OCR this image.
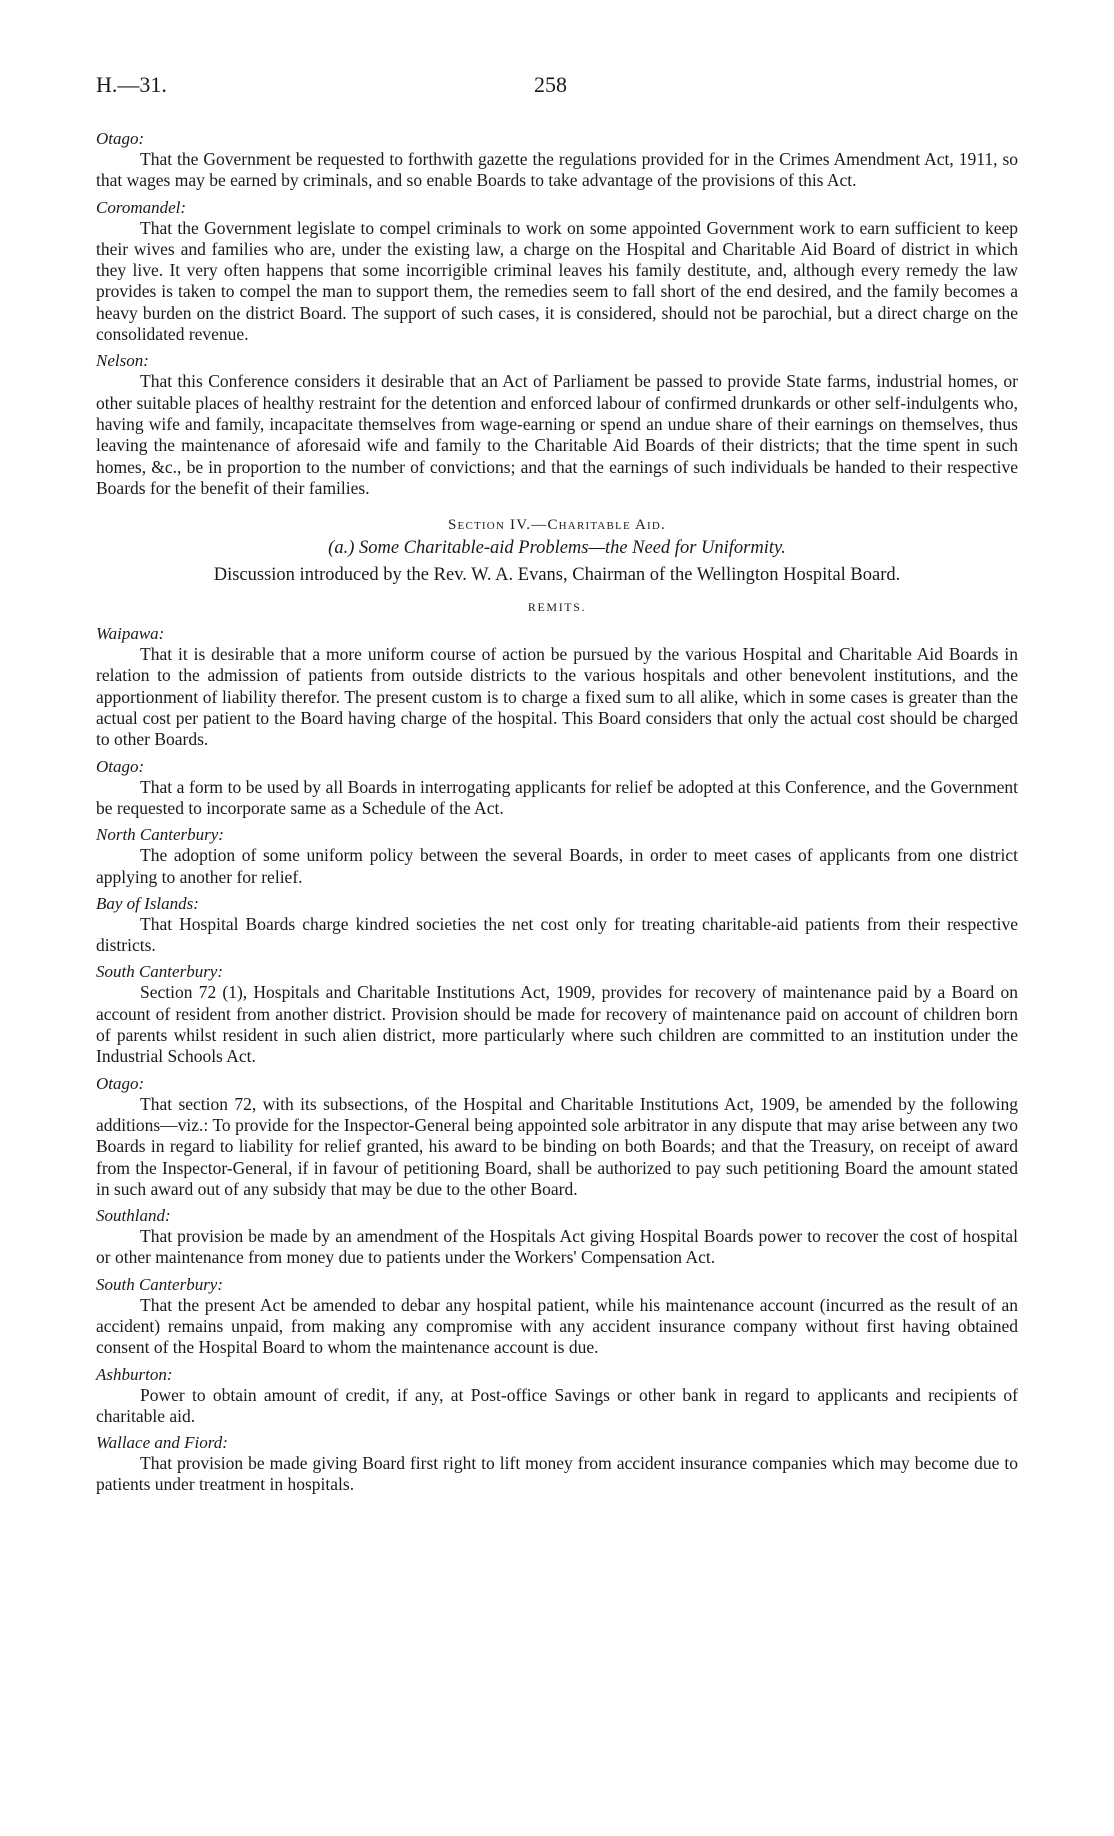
H.—31.	258

Otago:

That the Government be requested to forthwith gazette the regulations provided for in the Crimes Amendment Act, 1911, so that wages may be earned by criminals, and so enable Boards to take advantage of the provisions of this Act.

Coromandel:

That the Government legislate to compel criminals to work on some appointed Government work to earn sufficient to keep their wives and families who are, under the existing law, a charge on the Hospital and Charitable Aid Board of district in which they live. It very often happens that some incorrigible criminal leaves his family destitute, and, although every remedy the law provides is taken to compel the man to support them, the remedies seem to fall short of the end desired, and the family becomes a heavy burden on the district Board. The support of such cases, it is considered, should not be parochial, but a direct charge on the consolidated revenue.

Nelson:

That this Conference considers it desirable that an Act of Parliament be passed to provide State farms, industrial homes, or other suitable places of healthy restraint for the detention and enforced labour of confirmed drunkards or other self-indulgents who, having wife and family, incapacitate themselves from wage-earning or spend an undue share of their earnings on themselves, thus leaving the maintenance of aforesaid wife and family to the Charitable Aid Boards of their districts; that the time spent in such homes, &c., be in proportion to the number of convictions; and that the earnings of such individuals be handed to their respective Boards for the benefit of their families.

Section IV.—Charitable Aid.

(a.) Some Charitable-aid Problems—the Need for Uniformity.

Discussion introduced by the Rev. W. A. Evans, Chairman of the Wellington Hospital Board.

REMITS.

Waipawa:

That it is desirable that a more uniform course of action be pursued by the various Hospital and Charitable Aid Boards in relation to the admission of patients from outside districts to the various hospitals and other benevolent institutions, and the apportionment of liability therefor. The present custom is to charge a fixed sum to all alike, which in some cases is greater than the actual cost per patient to the Board having charge of the hospital. This Board considers that only the actual cost should be charged to other Boards.

Otago:

That a form to be used by all Boards in interrogating applicants for relief be adopted at this Conference, and the Government be requested to incorporate same as a Schedule of the Act.

North Canterbury:

The adoption of some uniform policy between the several Boards, in order to meet cases of applicants from one district applying to another for relief.

Bay of Islands:

That Hospital Boards charge kindred societies the net cost only for treating charitable-aid patients from their respective districts.

South Canterbury:

Section 72 (1), Hospitals and Charitable Institutions Act, 1909, provides for recovery of maintenance paid by a Board on account of resident from another district. Provision should be made for recovery of maintenance paid on account of children born of parents whilst resident in such alien district, more particularly where such children are committed to an institution under the Industrial Schools Act.

Otago:

That section 72, with its subsections, of the Hospital and Charitable Institutions Act, 1909, be amended by the following additions—viz.: To provide for the Inspector-General being appointed sole arbitrator in any dispute that may arise between any two Boards in regard to liability for relief granted, his award to be binding on both Boards; and that the Treasury, on receipt of award from the Inspector-General, if in favour of petitioning Board, shall be authorized to pay such petitioning Board the amount stated in such award out of any subsidy that may be due to the other Board.

Southland:

That provision be made by an amendment of the Hospitals Act giving Hospital Boards power to recover the cost of hospital or other maintenance from money due to patients under the Workers' Compensation Act.

South Canterbury:

That the present Act be amended to debar any hospital patient, while his maintenance account (incurred as the result of an accident) remains unpaid, from making any compromise with any accident insurance company without first having obtained consent of the Hospital Board to whom the maintenance account is due.

Ashburton:

Power to obtain amount of credit, if any, at Post-office Savings or other bank in regard to applicants and recipients of charitable aid.

Wallace and Fiord:

That provision be made giving Board first right to lift money from accident insurance companies which may become due to patients under treatment in hospitals.
